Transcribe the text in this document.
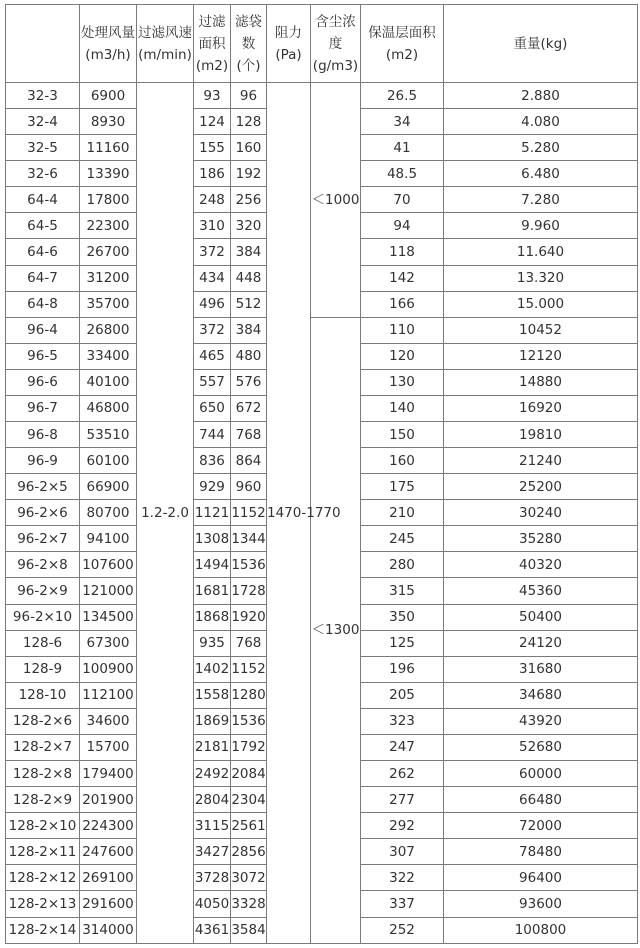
	处理风量(m3/h)	过滤风速(m/min)	过滤面积(m2)	滤袋数(个)	阻力(Pa)	含尘浓度(g/m3)	保温层面积(m2)	重量(kg)
32-3	6900	1.2-2.0	93	96	1470-1770	＜1000	26.5	2.880
32-4	8930		124	128			34	4.080
32-5	11160		155	160			41	5.280
32-6	13390		186	192			48.5	6.480
64-4	17800		248	256			70	7.280
64-5	22300		310	320			94	9.960
64-6	26700		372	384			118	11.640
64-7	31200		434	448			142	13.320
64-8	35700		496	512			166	15.000
96-4	26800		372	384		＜1300	110	10452
96-5	33400		465	480			120	12120
96-6	40100		557	576			130	14880
96-7	46800		650	672			140	16920
96-8	53510		744	768			150	19810
96-9	60100		836	864			160	21240
96-2×5	66900		929	960			175	25200
96-2×6	80700		1121	1152			210	30240
96-2×7	94100		1308	1344			245	35280
96-2×8	107600		1494	1536			280	40320
96-2×9	121000		1681	1728			315	45360
96-2×10	134500		1868	1920			350	50400
128-6	67300		935	768			125	24120
128-9	100900		1402	1152			196	31680
128-10	112100		1558	1280			205	34680
128-2×6	34600		1869	1536			323	43920
128-2×7	15700		2181	1792			247	52680
128-2×8	179400		2492	2084			262	60000
128-2×9	201900		2804	2304			277	66480
128-2×10	224300		3115	2561			292	72000
128-2×11	247600		3427	2856			307	78480
128-2×12	269100		3728	3072			322	96400
128-2×13	291600		4050	3328			337	93600
128-2×14	314000		4361	3584			252	100800
